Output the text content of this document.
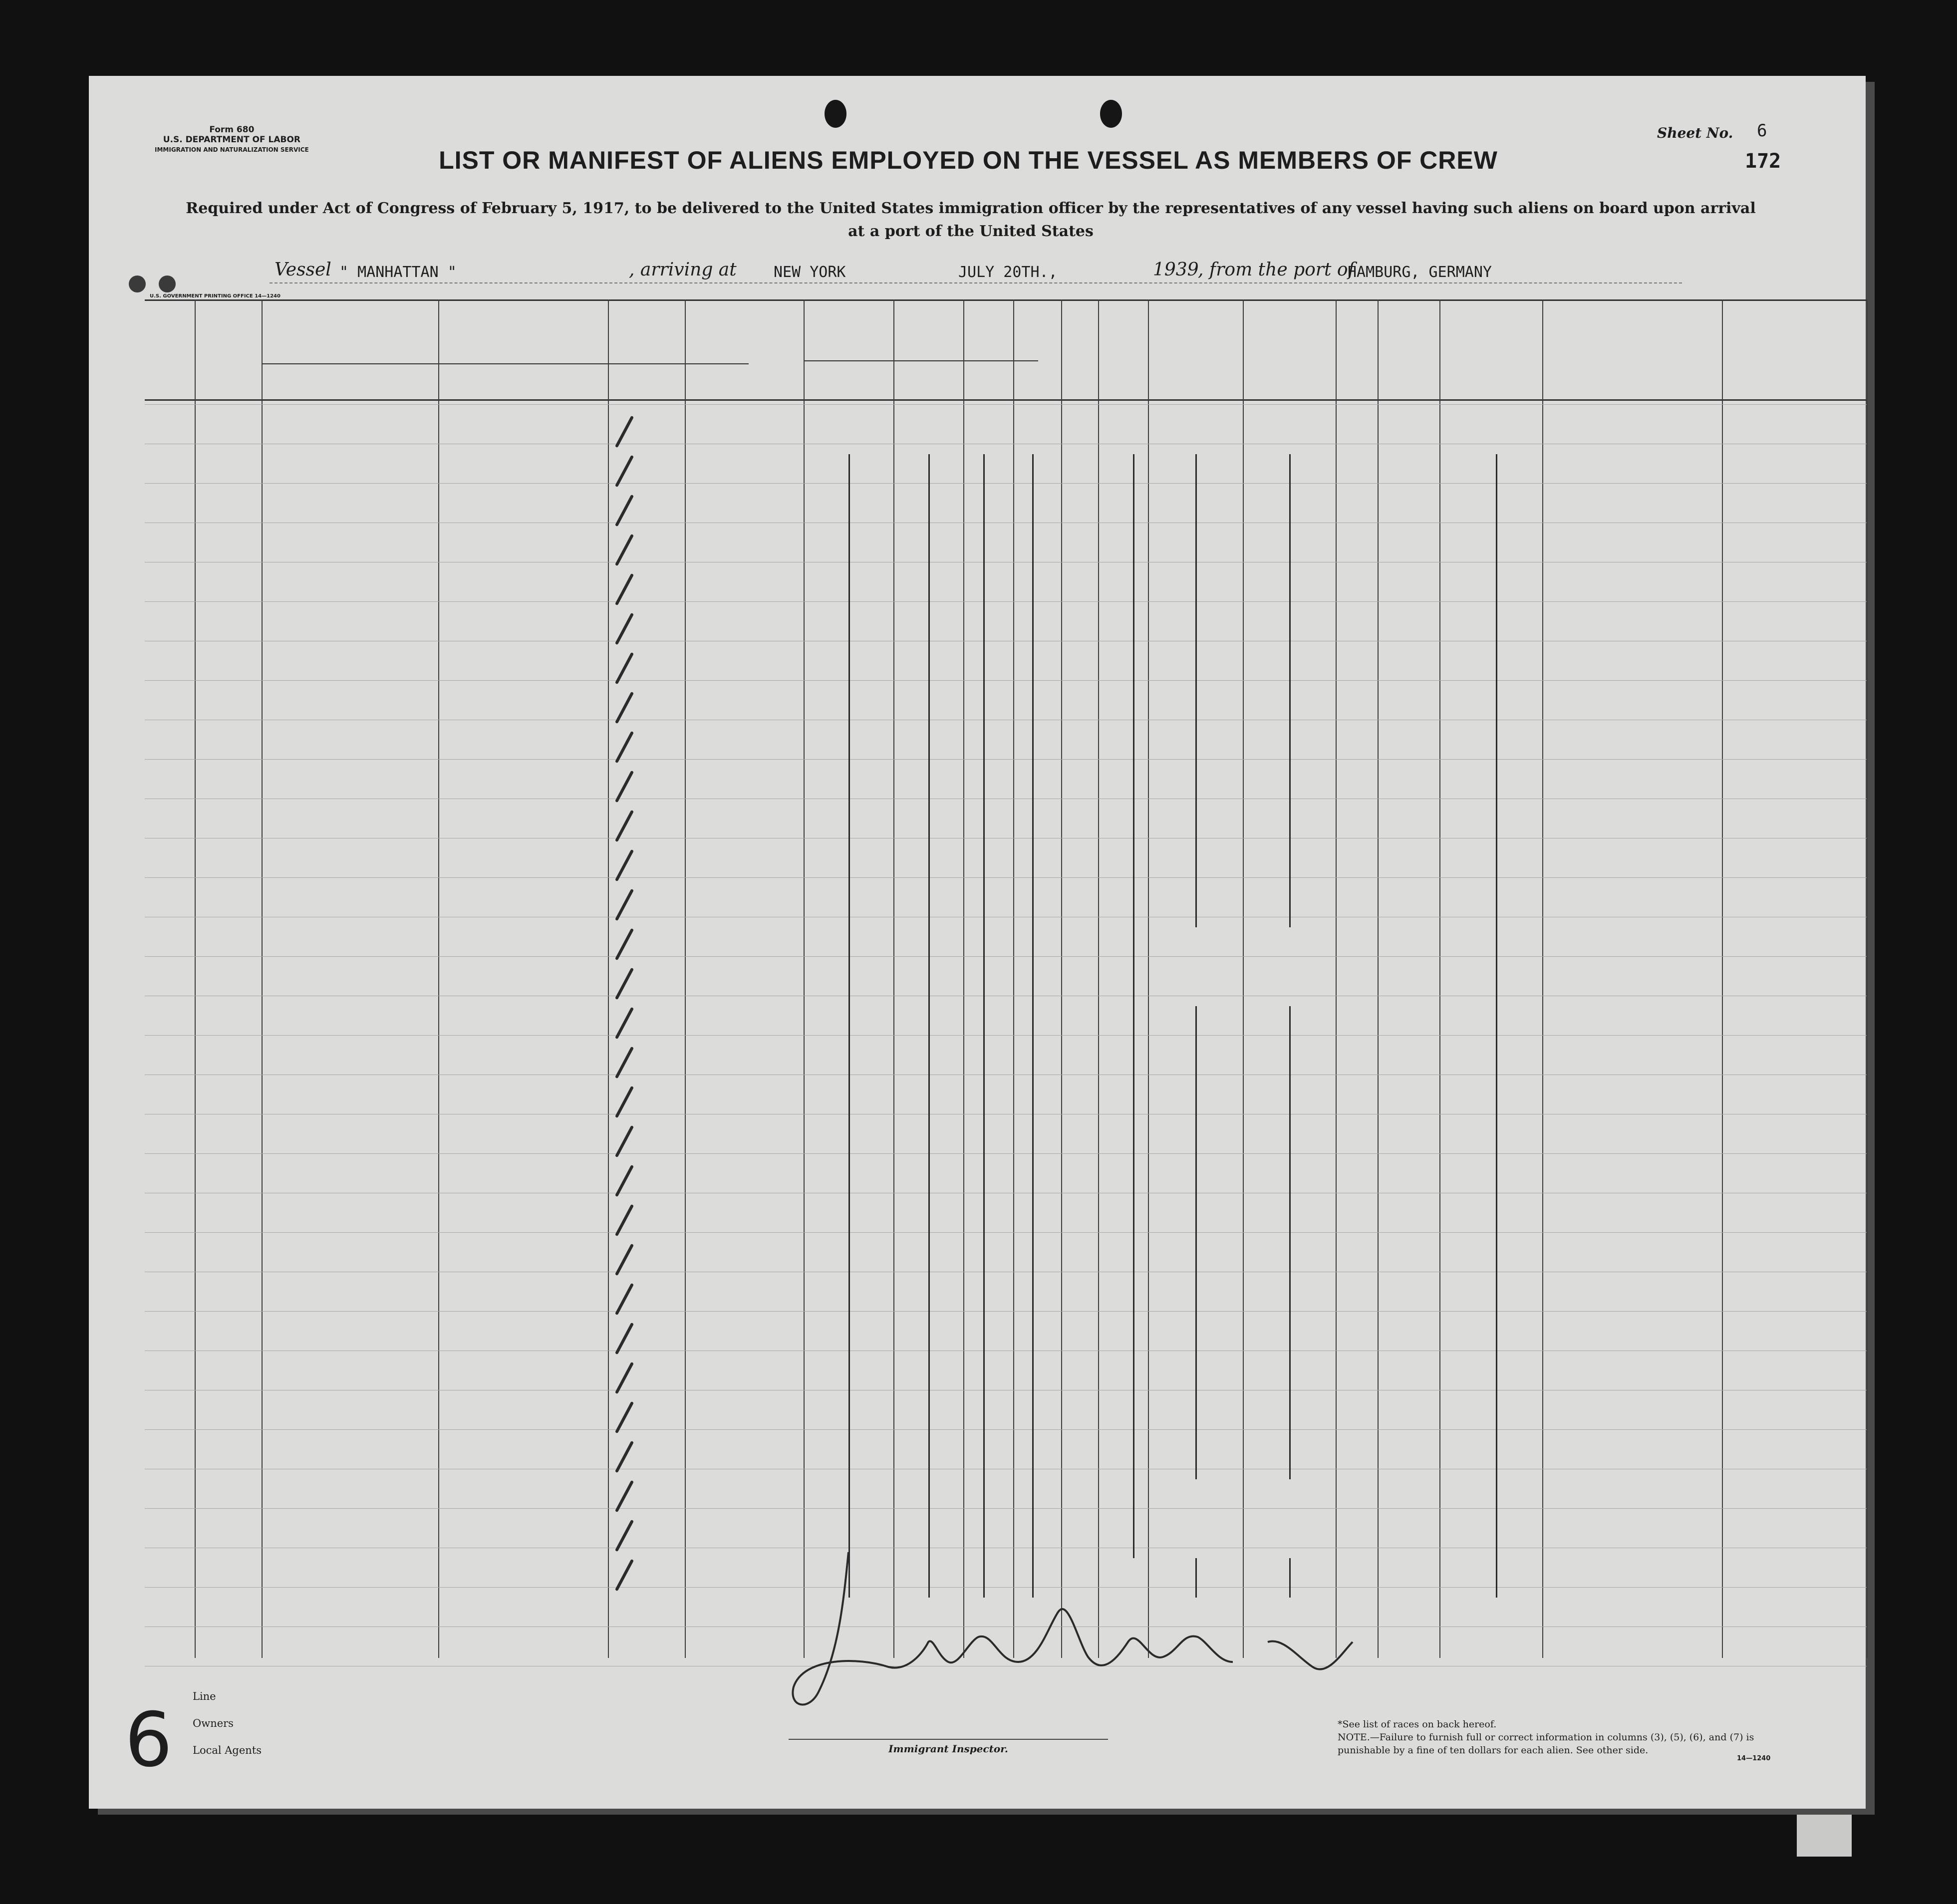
Form 680
U.S. DEPARTMENT OF LABOR
IMMIGRATION AND NATURALIZATION SERVICE
Sheet No. 6
172
LIST OR MANIFEST OF ALIENS EMPLOYED ON THE VESSEL AS MEMBERS OF CREW
Required under Act of Congress of February 5, 1917, to be delivered to the United States immigration officer by the representatives of any vessel having such aliens on board upon arrival at a port of the United States
Vessel " MANHATTAN "	, arriving at NEW YORK	JULY 20TH.,	1939
, from the port of
HAMBURG, GERMANY
U.S. GOVERNMENT PRINTING OFFICE 14—1240
6
Line
Owners
Local Agents	Immigrant Inspector.
*See list of races on back hereof.
NOTE.—Failure to furnish full or correct information in columns (3), (5), (6), and (7) is punishable by a fine of ten dollars for each alien. See other side.
14—1240
